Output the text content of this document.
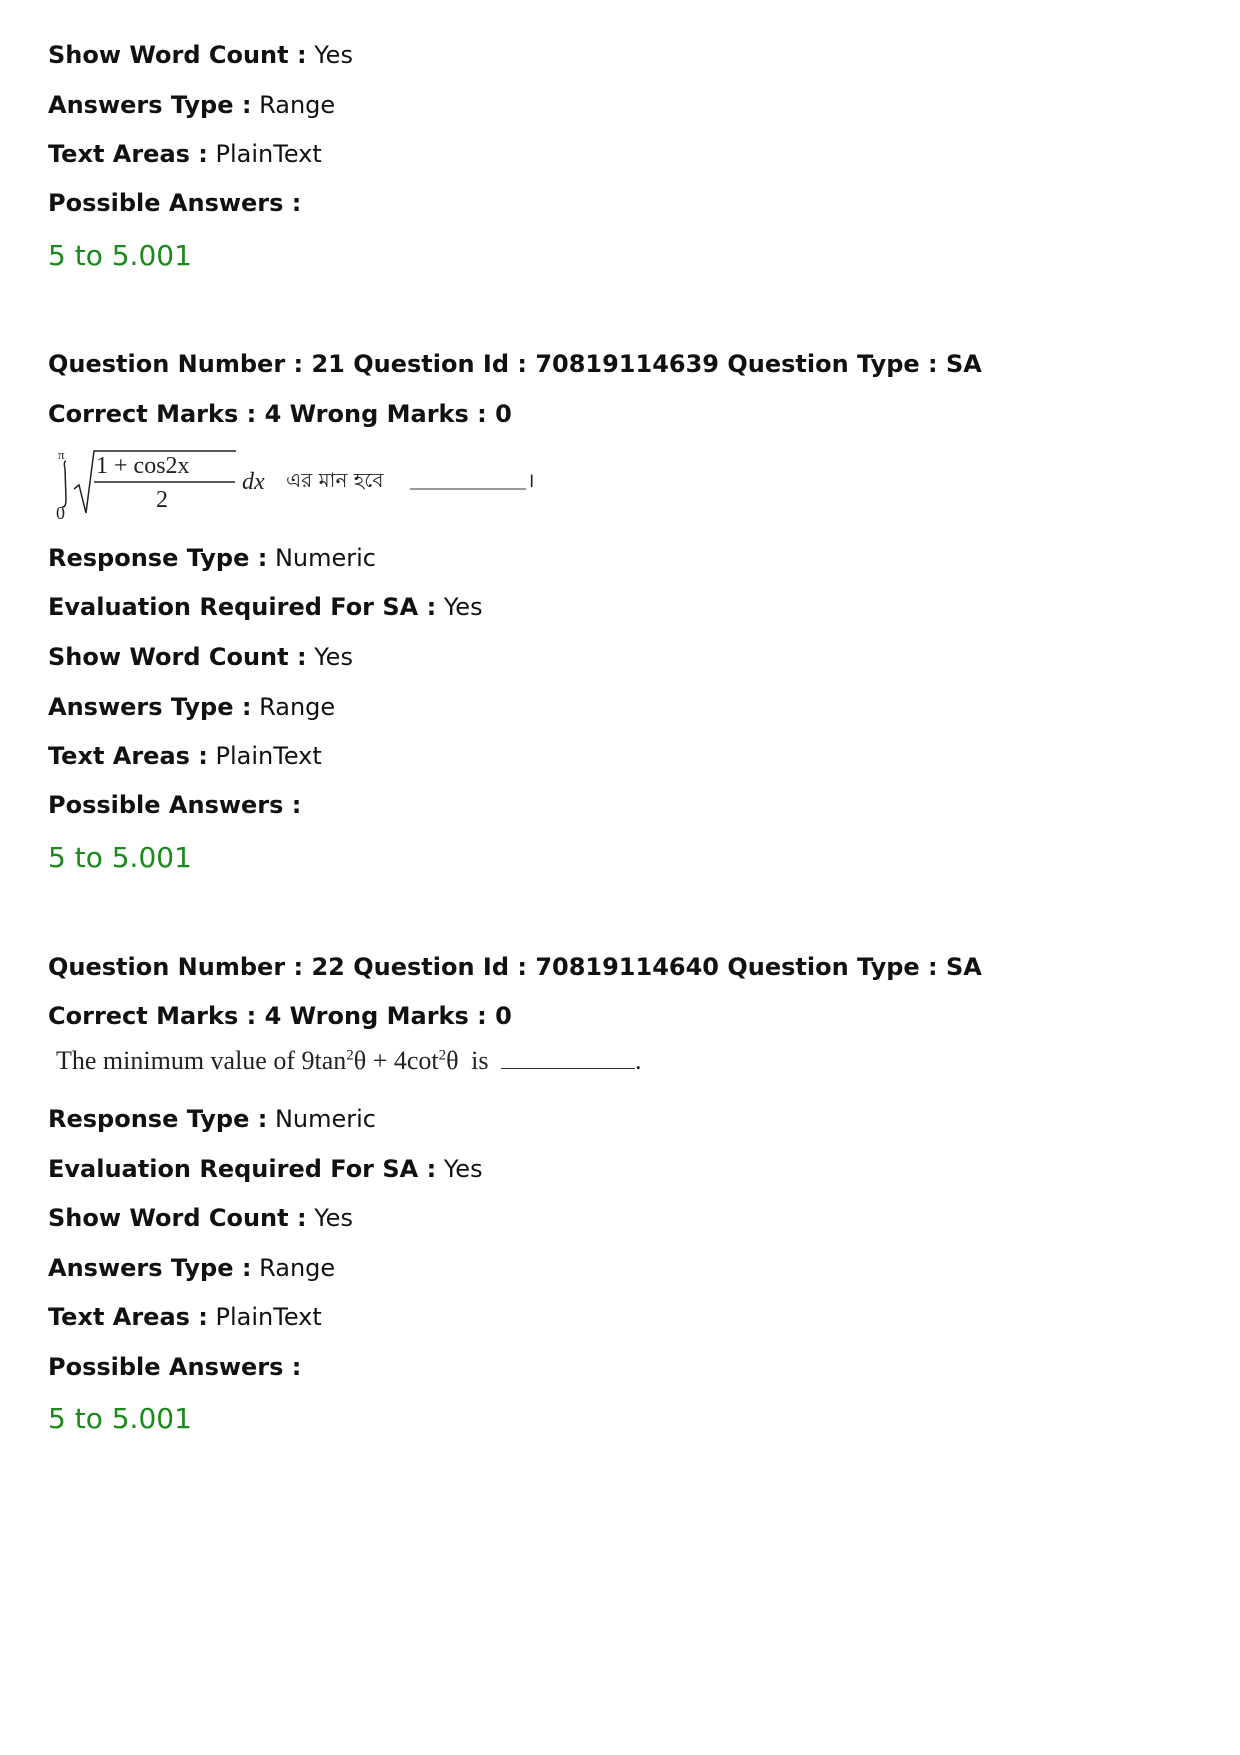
Show Word Count : Yes
Answers Type : Range
Text Areas : PlainText
Possible Answers :
5 to 5.001
Question Number : 21 Question Id : 70819114639 Question Type : SA
Correct Marks : 4 Wrong Marks : 0
π
0
1 + cos2x
2
dx এর মান হবে	।
Response Type : Numeric
Evaluation Required For SA : Yes
Show Word Count : Yes
Answers Type : Range
Text Areas : PlainText
Possible Answers :
5 to 5.001
Question Number : 22 Question Id : 70819114640 Question Type : SA
Correct Marks : 4 Wrong Marks : 0
The minimum value of $9\tan^2\theta + 4\cot^2\theta$ is	.
Response Type : Numeric
Evaluation Required For SA : Yes
Show Word Count : Yes
Answers Type : Range
Text Areas : PlainText
Possible Answers :
5 to 5.001
